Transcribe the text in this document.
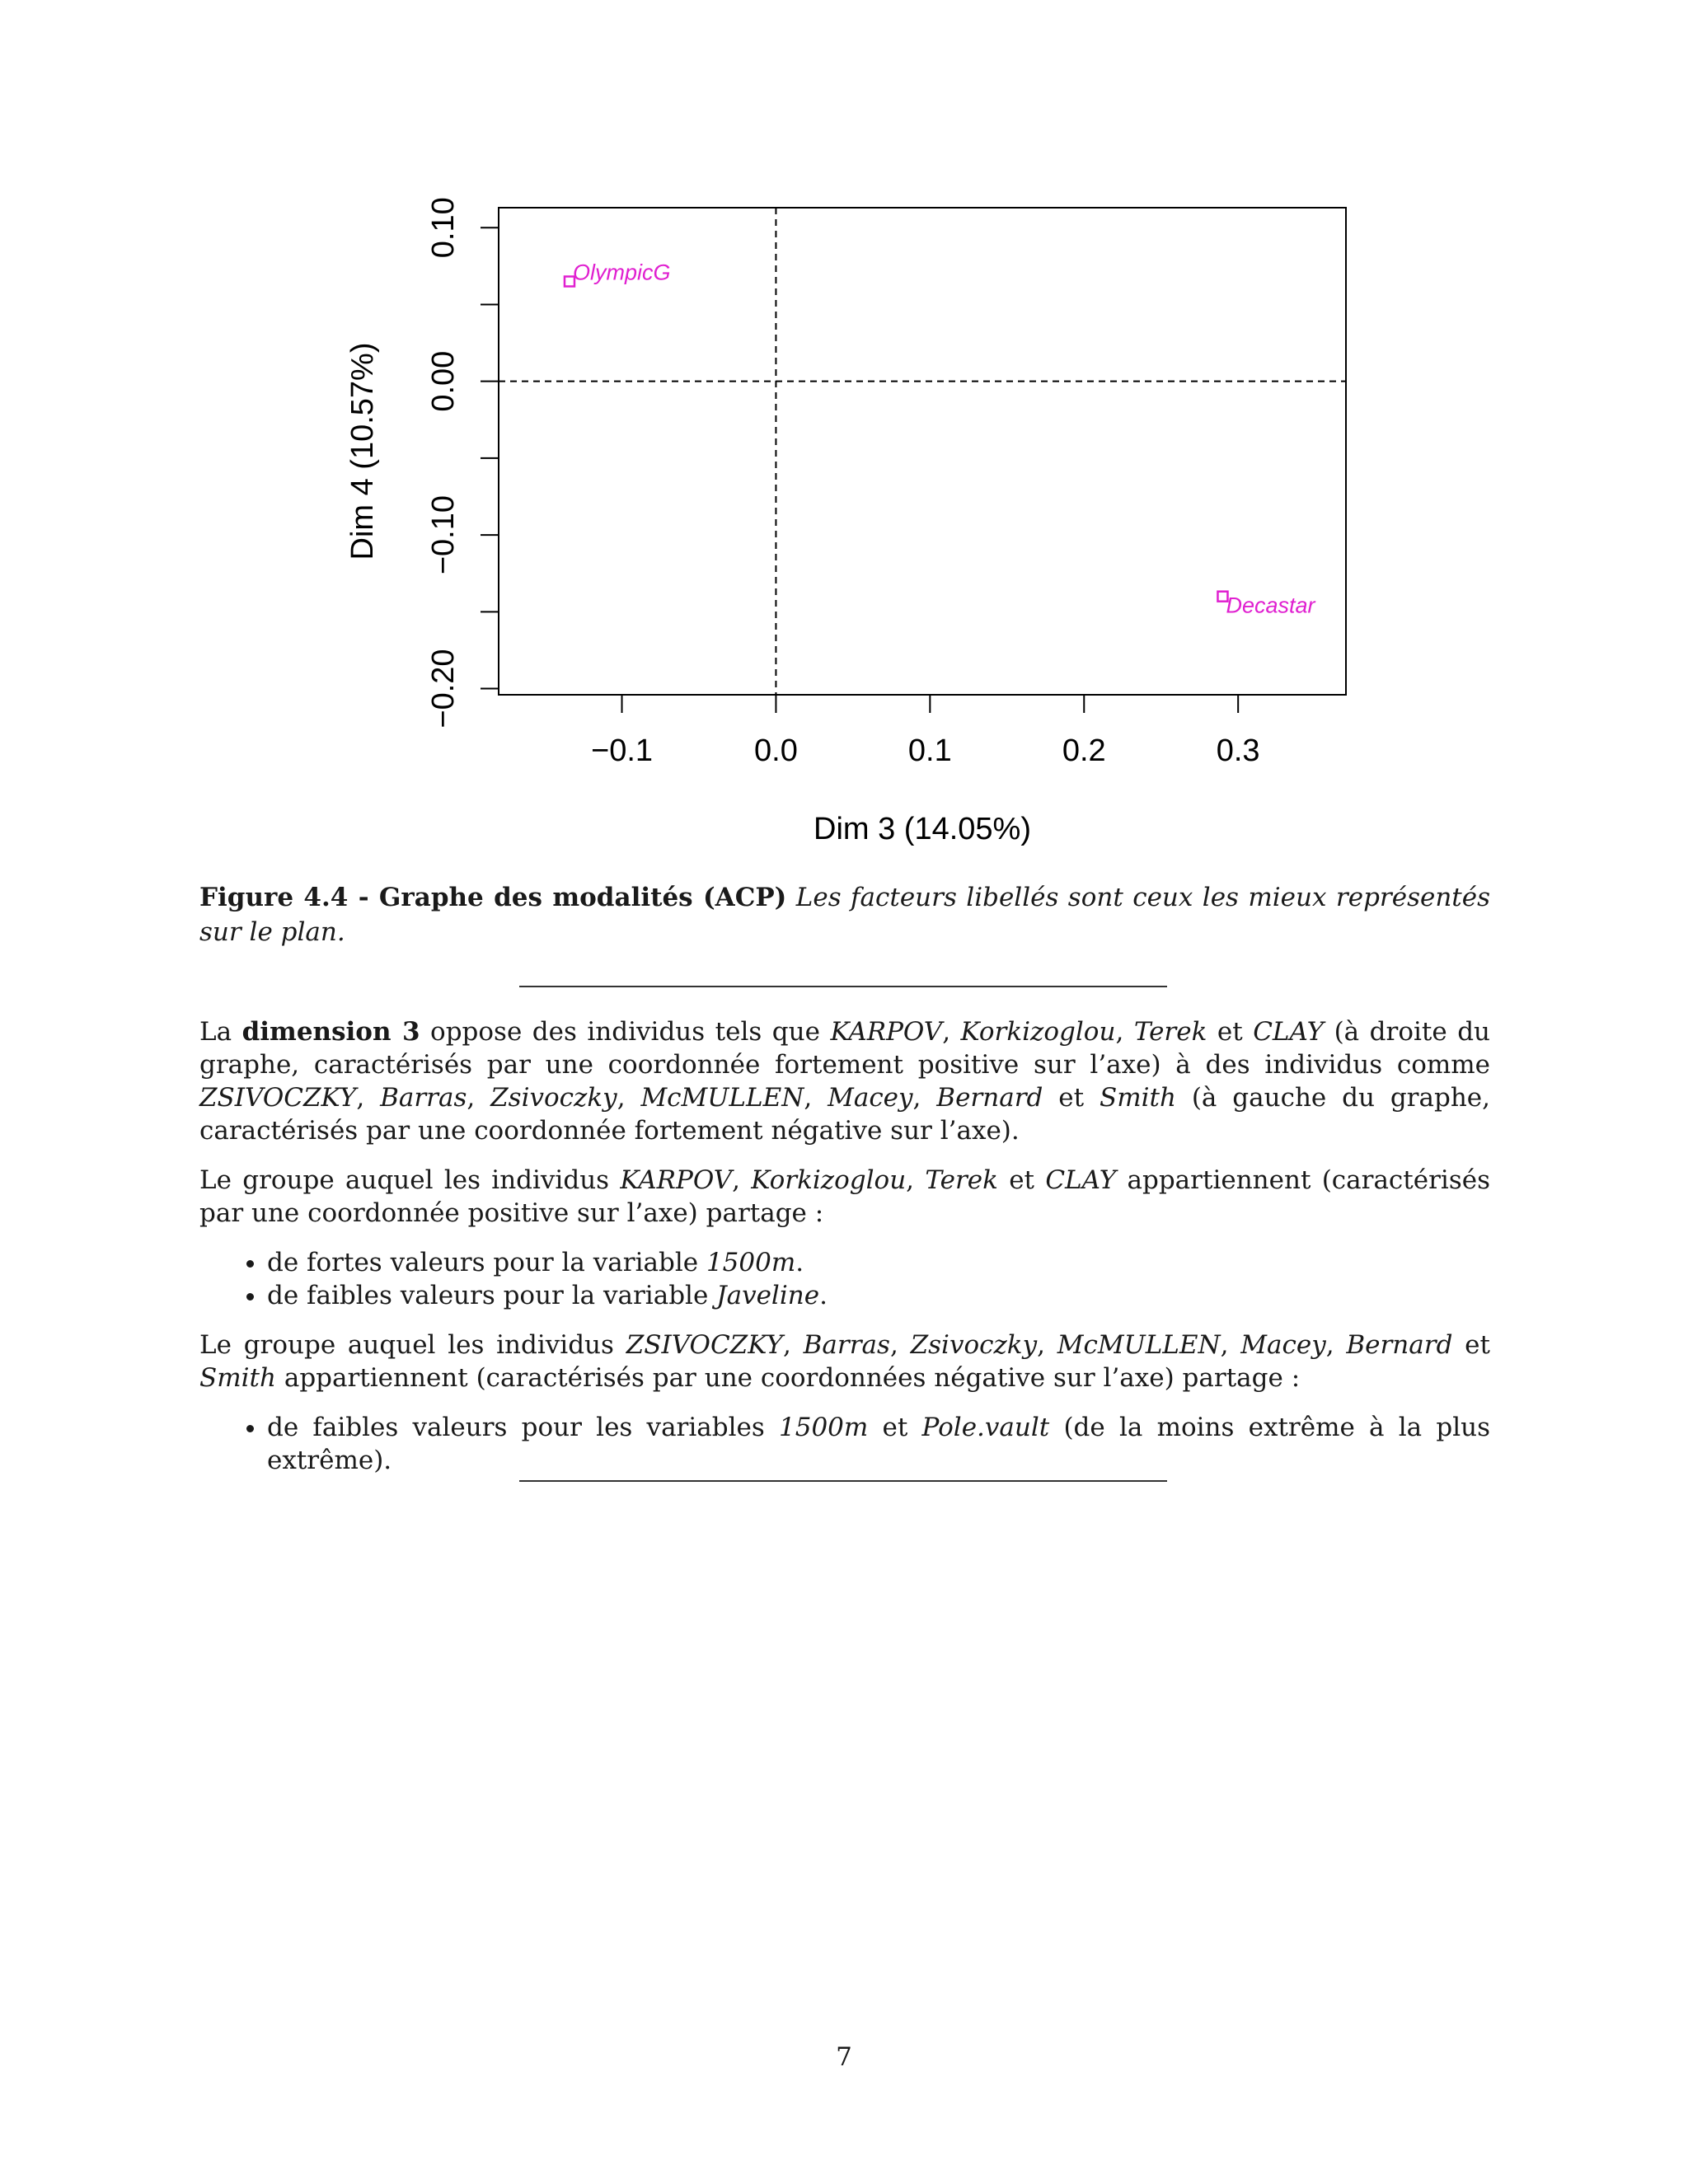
−0.1	0.0	0.1	0.2	0.3
Dim 3 (14.05%)
−0.20
−0.10
0.00
0.10
Dim 4 (10.57%)
OlympicG
Decastar
Figure 4.4 - Graphe des modalités (ACP) Les facteurs libellés sont ceux les mieux représentés sur le plan.

La dimension 3 oppose des individus tels que KARPOV, Korkizoglou, Terek et CLAY (à droite du graphe, caractérisés par une coordonnée fortement positive sur l’axe) à des individus comme ZSIVOCZKY, Barras, Zsivoczky, McMULLEN, Macey, Bernard et Smith (à gauche du graphe, caractérisés par une coordonnée fortement négative sur l’axe).

Le groupe auquel les individus KARPOV, Korkizoglou, Terek et CLAY appartiennent (caractérisés par une coordonnée positive sur l’axe) partage :

• de fortes valeurs pour la variable 1500m.
• de faibles valeurs pour la variable Javeline.

Le groupe auquel les individus ZSIVOCZKY, Barras, Zsivoczky, McMULLEN, Macey, Bernard et Smith appartiennent (caractérisés par une coordonnées négative sur l’axe) partage :

• de faibles valeurs pour les variables 1500m et Pole.vault (de la moins extrême à la plus extrême).
7
